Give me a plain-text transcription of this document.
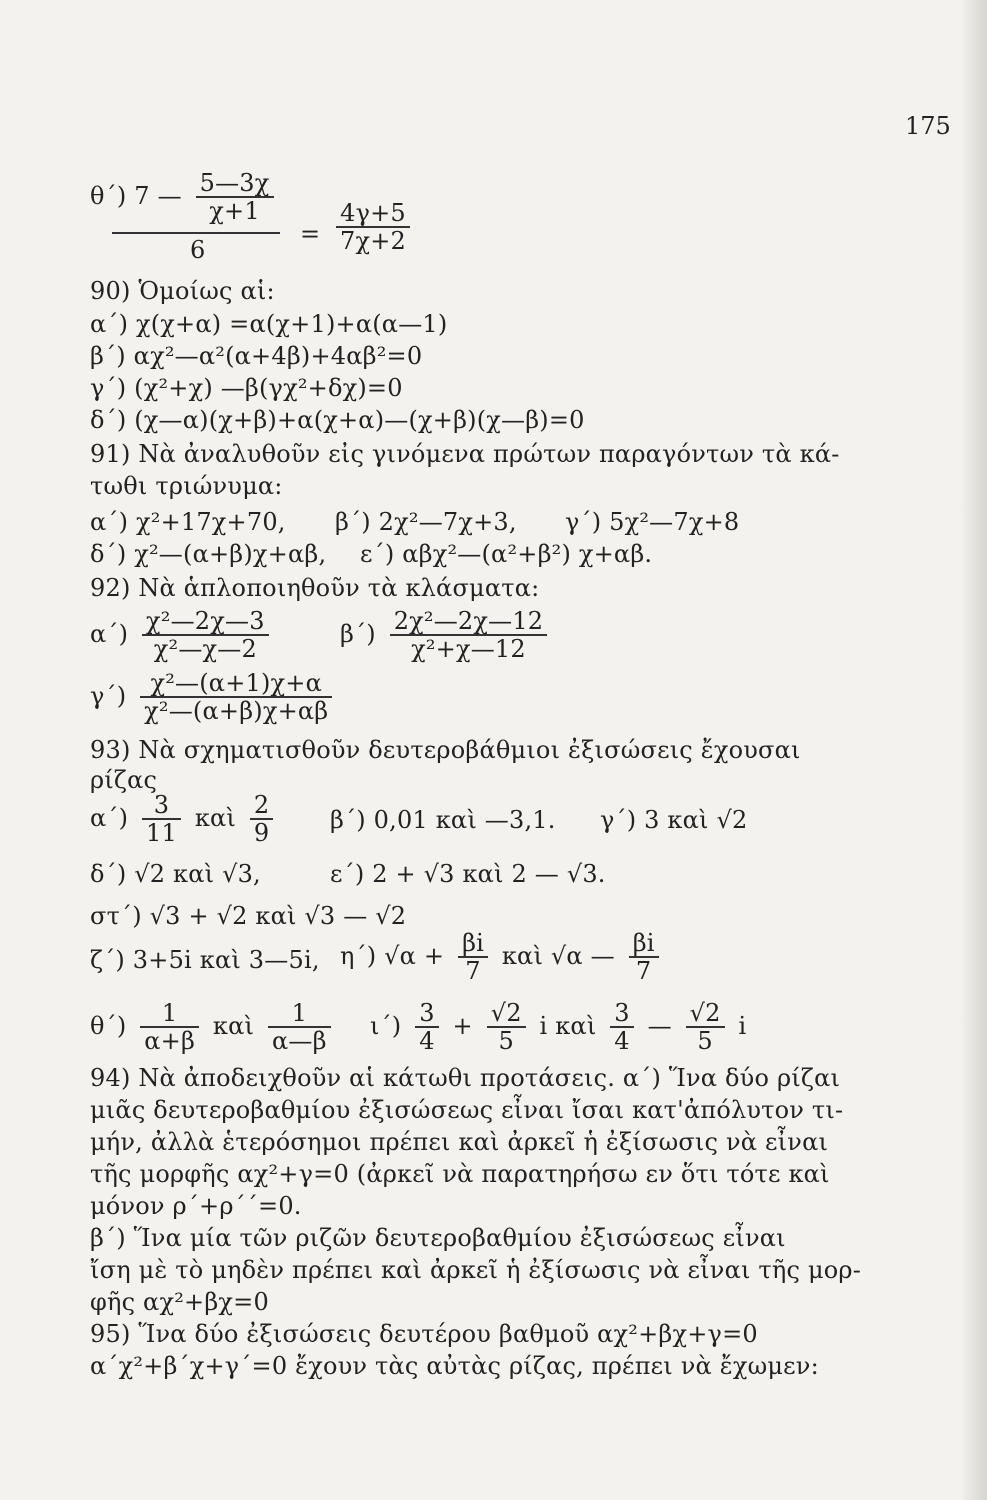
175
θ΄) 7 — $\frac{5—3\chi}{\chi+1}$
6
= $\frac{4\gamma+5}{7\chi+2}$
90) Ὁμοίως αἱ:
α΄) χ(χ+α) =α(χ+1)+α(α—1)
β΄) αχ²—α²(α+4β)+4αβ²=0
γ΄) (χ²+χ) —β(γχ²+δχ)=0
δ΄) (χ—α)(χ+β)+α(χ+α)—(χ+β)(χ—β)=0
91) Νὰ ἀναλυθοῦν εἰς γινόμενα πρώτων παραγόντων τὰ κά-
τωθι τριώνυμα:
α΄) χ²+17χ+70, β΄) 2χ²—7χ+3, γ΄) 5χ²—7χ+8
δ΄) χ²—(α+β)χ+αβ, ε΄) αβχ²—(α²+β²) χ+αβ.
92) Νὰ ἁπλοποιηθοῦν τὰ κλάσματα:
$\alpha΄) \frac{\text{χ²—2χ—3}}{\text{χ²—χ—2}}$	$\beta΄) \frac{\text{2χ²—2χ—12}}{\text{χ²+χ—12}}$
$\gamma΄) \frac{\text{χ²—(α+1)χ+α}}{\text{χ²—(α+β)χ+αβ}}$
93) Νὰ σχηματισθοῦν δευτεροβάθμιοι ἐξισώσεις ἔχουσαι
ρίζας
$\alpha΄) \frac{3}{11}$ καὶ $\frac{2}{9} \beta΄$) 0,01 καὶ —3,1. γ΄) 3 καὶ √2
δ΄) √2 καὶ √3,	ε΄) 2 + √3 καὶ 2 — √3.
στ΄) √3 + √2 καὶ √3 — √2
ζ΄) 3+5i καὶ 3—5i, η΄) $√\alpha + \frac{\beta i}{7}$ καὶ √α — $\frac{\beta i}{7}$
$\theta΄) \frac{1}{\alpha+\beta}$ καὶ $\frac{1}{\alpha—\beta} \iota΄) \frac{3}{4} + \frac{√2}{5}$ i καὶ $\frac{3}{4}$ — $\frac{√2}{5}$ i
94) Νὰ ἀποδειχθοῦν αἱ κάτωθι προτάσεις. α΄) Ἵνα δύο ρίζαι
μιᾶς δευτεροβαθμίου ἐξισώσεως εἶναι ἴσαι κατ'ἀπόλυτον τι-
μήν, ἀλλὰ ἑτερόσημοι πρέπει καὶ ἀρκεῖ ἡ ἐξίσωσις νὰ εἶναι
τῆς μορφῆς αχ²+γ=0 (ἀρκεῖ νὰ παρατηρήσω εν ὅτι τότε καὶ
μόνον ρ΄+ρ΄΄=0.
β΄) Ἵνα μία τῶν ριζῶν δευτεροβαθμίου ἐξισώσεως εἶναι
ἴση μὲ τὸ μηδὲν πρέπει καὶ ἀρκεῖ ἡ ἐξίσωσις νὰ εἶναι τῆς μορ-
φῆς αχ²+βχ=0
95) Ἵνα δύο ἐξισώσεις δευτέρου βαθμοῦ αχ²+βχ+γ=0
α΄χ²+β΄χ+γ΄=0 ἔχουν τὰς αὐτὰς ρίζας, πρέπει νὰ ἔχωμεν:
